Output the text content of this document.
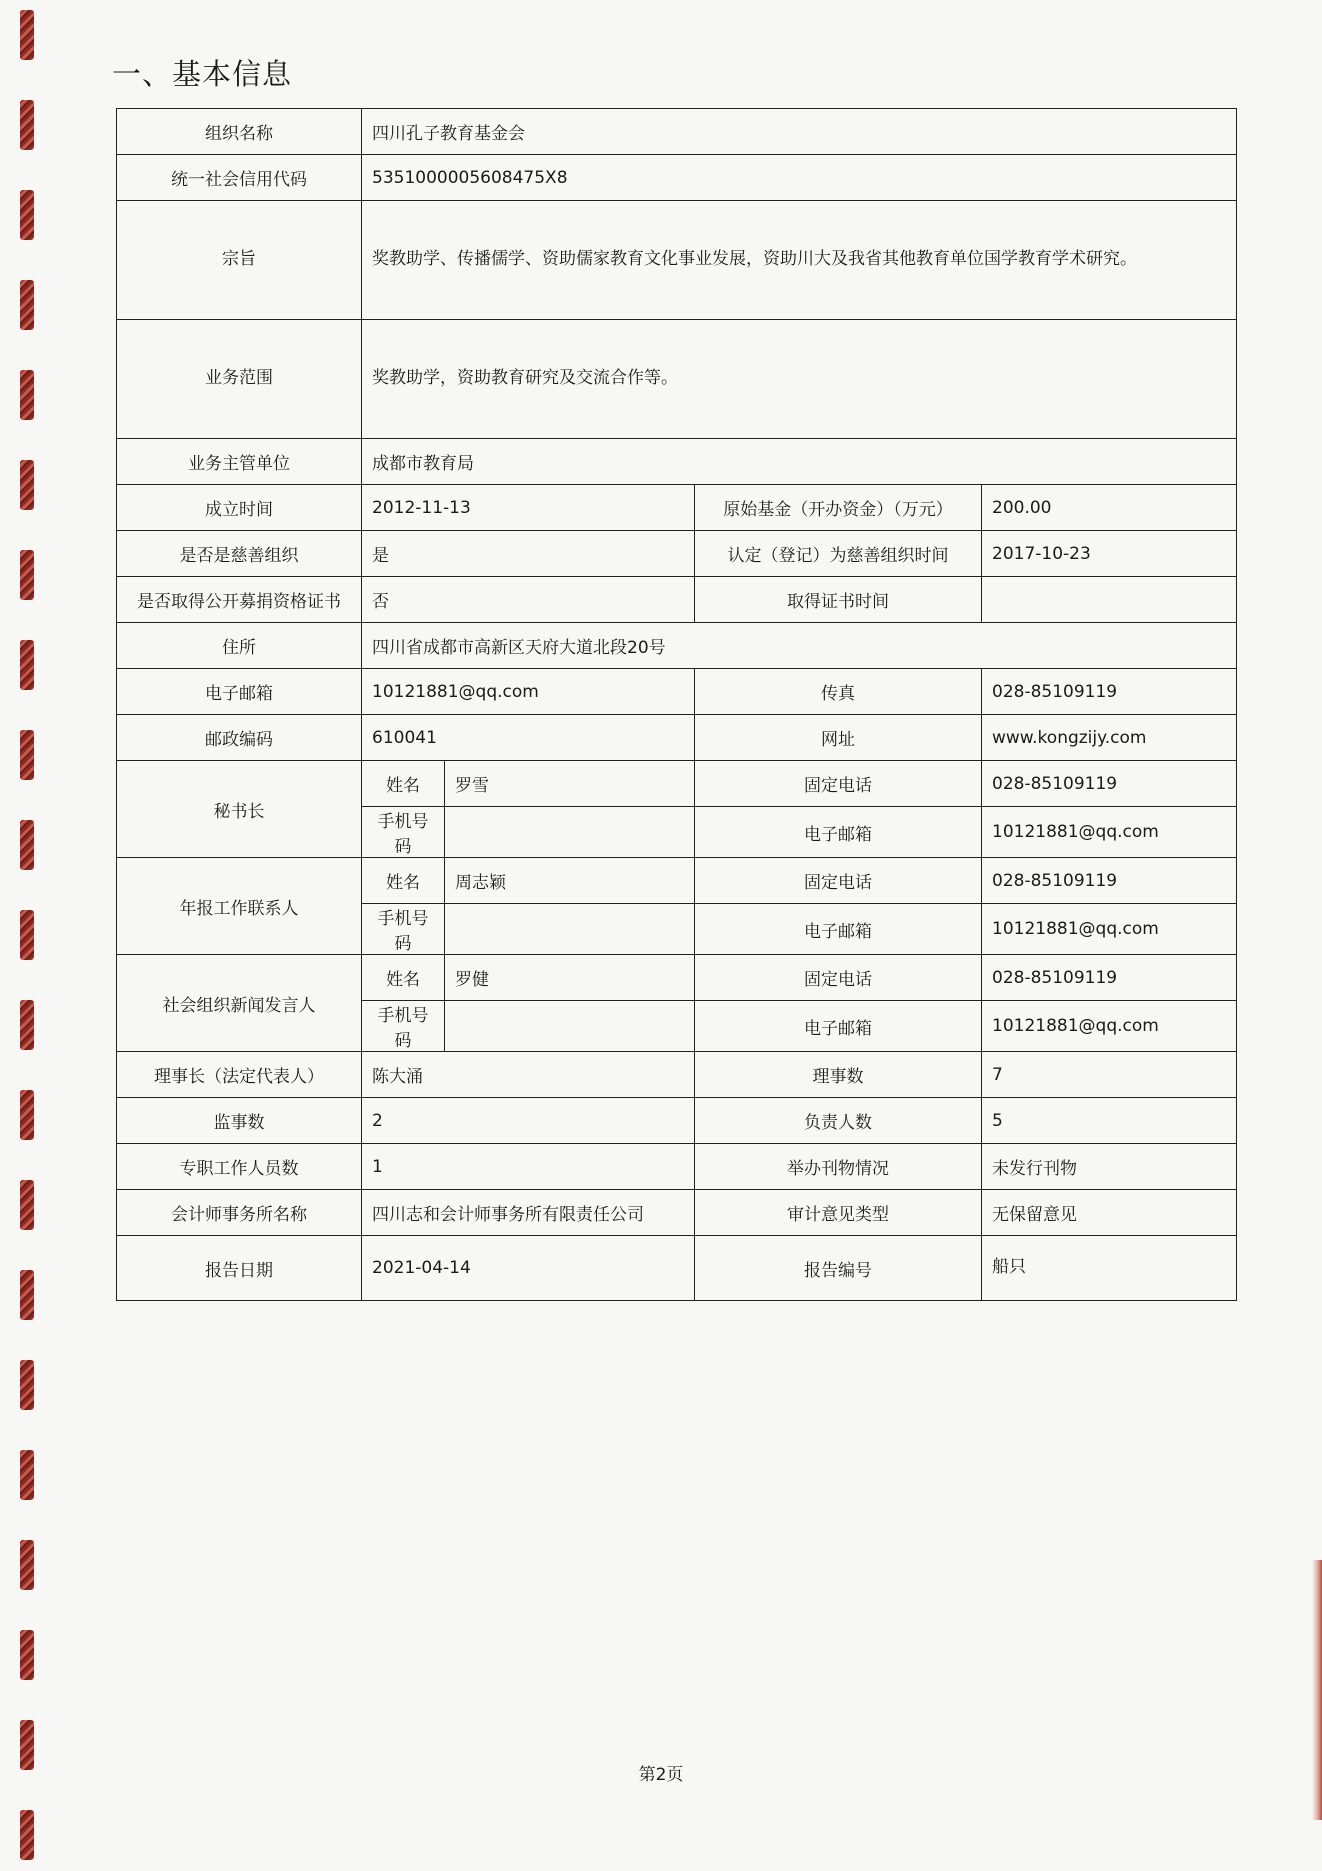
一、基本信息
组织名称	四川孔子教育基金会			
统一社会信用代码	5351000005608475X8			
宗旨	奖教助学、传播儒学、资助儒家教育文化事业发展，资助川大及我省其他教育单位国学教育学术研究。			
业务范围	奖教助学，资助教育研究及交流合作等。			
业务主管单位	成都市教育局			
成立时间	2012-11-13		原始基金（开办资金）（万元）	200.00
是否是慈善组织	是		认定（登记）为慈善组织时间	2017-10-23
是否取得公开募捐资格证书	否		取得证书时间	
住所	四川省成都市高新区天府大道北段20号			
电子邮箱	10121881@qq.com		传真	028-85109119
邮政编码	610041		网址	www.kongzijy.com
秘书长	姓名	罗雪	固定电话	028-85109119
	手机号码		电子邮箱	10121881@qq.com
年报工作联系人	姓名	周志颖	固定电话	028-85109119
	手机号码		电子邮箱	10121881@qq.com
社会组织新闻发言人	姓名	罗健	固定电话	028-85109119
	手机号码		电子邮箱	10121881@qq.com
理事长（法定代表人）	陈大涌		理事数	7
监事数	2		负责人数	5
专职工作人员数	1		举办刊物情况	未发行刊物
会计师事务所名称	四川志和会计师事务所有限责任公司		审计意见类型	无保留意见
报告日期	2021-04-14		报告编号	船只
第2页
